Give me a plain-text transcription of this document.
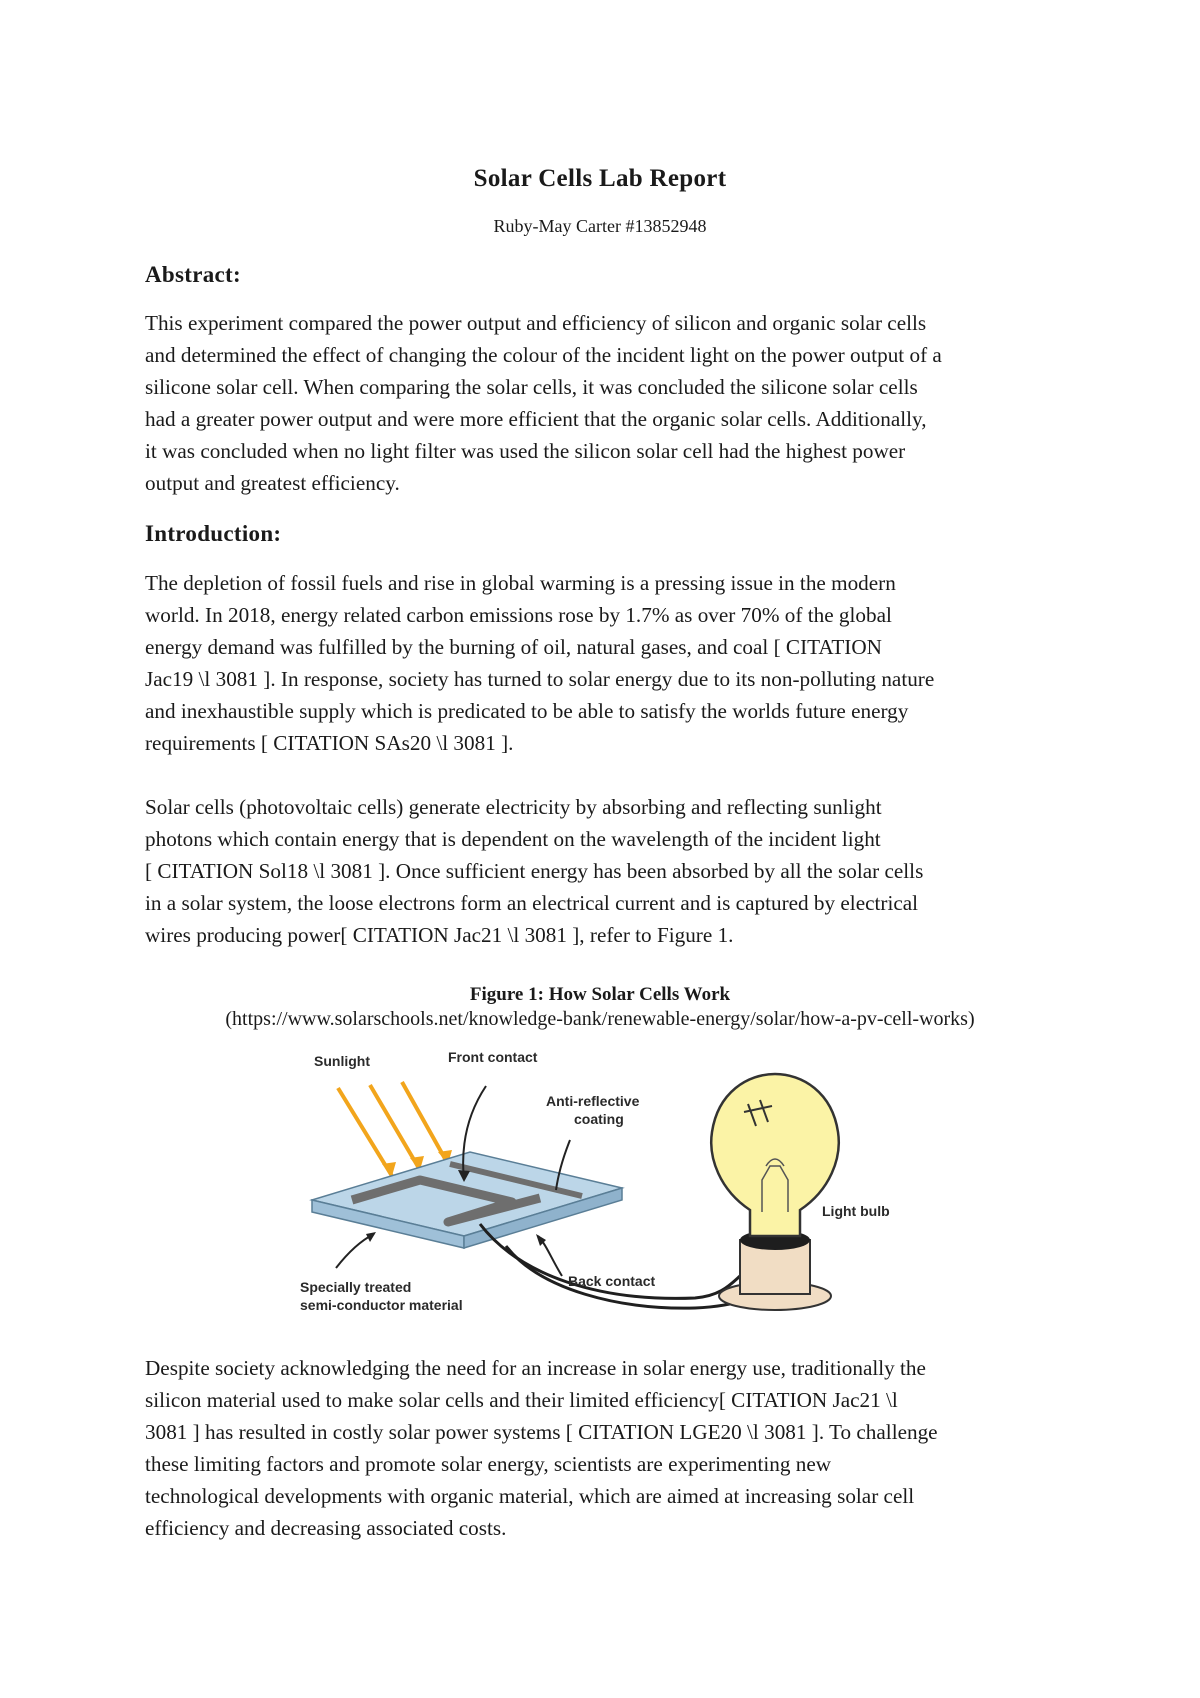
Solar Cells Lab Report
Ruby-May Carter #13852948
Abstract:

This experiment compared the power output and efficiency of silicon and organic solar cells
and determined the effect of changing the colour of the incident light on the power output of a
silicone solar cell. When comparing the solar cells, it was concluded the silicone solar cells
had a greater power output and were more efficient that the organic solar cells. Additionally,
it was concluded when no light filter was used the silicon solar cell had the highest power
output and greatest efficiency.

Introduction:

The depletion of fossil fuels and rise in global warming is a pressing issue in the modern
world. In 2018, energy related carbon emissions rose by 1.7% as over 70% of the global
energy demand was fulfilled by the burning of oil, natural gases, and coal [ CITATION
Jac19 \l 3081 ]. In response, society has turned to solar energy due to its non-polluting nature
and inexhaustible supply which is predicated to be able to satisfy the worlds future energy
requirements [ CITATION SAs20 \l 3081 ].

Solar cells (photovoltaic cells) generate electricity by absorbing and reflecting sunlight
photons which contain energy that is dependent on the wavelength of the incident light
[ CITATION Sol18 \l 3081 ]. Once sufficient energy has been absorbed by all the solar cells
in a solar system, the loose electrons form an electrical current and is captured by electrical
wires producing power[ CITATION Jac21 \l 3081 ], refer to Figure 1.

Figure 1: How Solar Cells Work
(https://www.solarschools.net/knowledge-bank/renewable-energy/solar/how-a-pv-cell-works)
Sunlight	Front contact
Anti-reflective
coating
Light bulb
Back contact
Specially treated
semi-conductor material

Despite society acknowledging the need for an increase in solar energy use, traditionally the
silicon material used to make solar cells and their limited efficiency[ CITATION Jac21 \l
3081 ] has resulted in costly solar power systems [ CITATION LGE20 \l 3081 ]. To challenge
these limiting factors and promote solar energy, scientists are experimenting new
technological developments with organic material, which are aimed at increasing solar cell
efficiency and decreasing associated costs.
